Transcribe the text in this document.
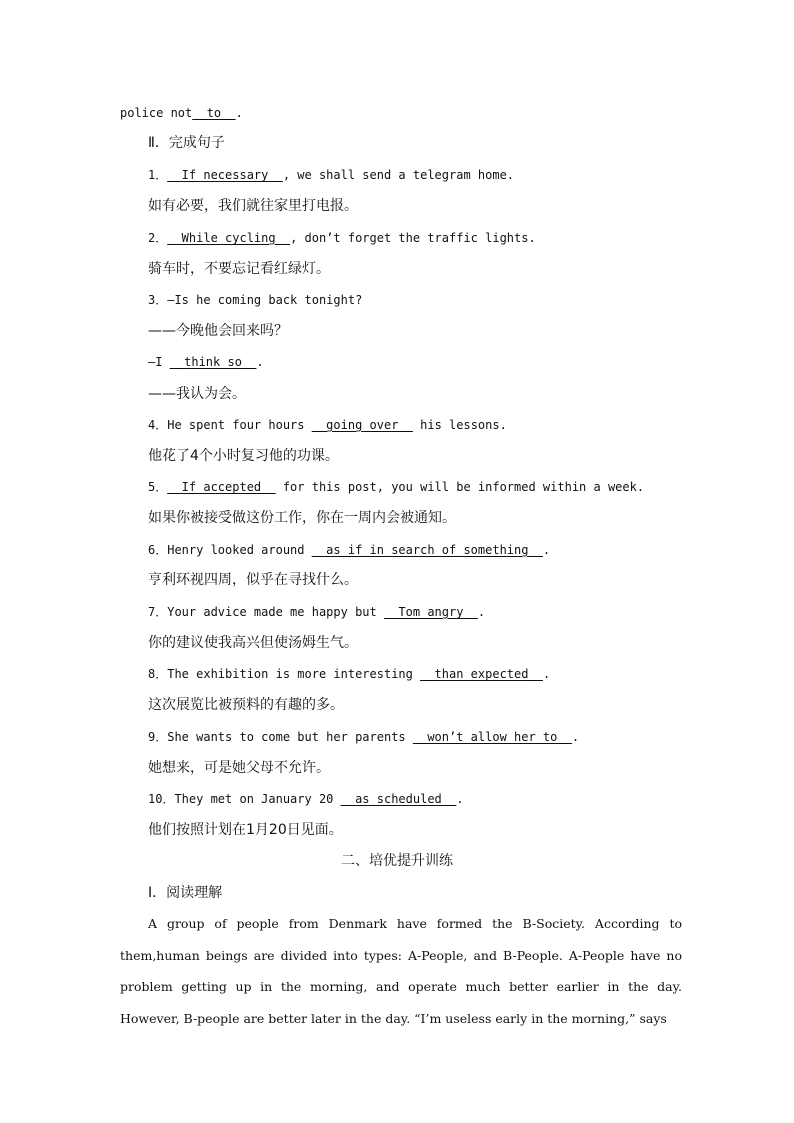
police not__to__.
Ⅱ．完成句子
1．__If necessary__, we shall send a telegram home.
如有必要，我们就往家里打电报。
2．__While cycling__, don’t forget the traffic lights.
骑车时，不要忘记看红绿灯。
3．—Is he coming back tonight?
——今晚他会回来吗？
—I __think so__.
——我认为会。
4．He spent four hours __going over__ his lessons.
他花了4个小时复习他的功课。
5．__If accepted__ for this post, you will be informed within a week.
如果你被接受做这份工作，你在一周内会被通知。
6．Henry looked around __as if in search of something__.
亨利环视四周，似乎在寻找什么。
7．Your advice made me happy but __Tom angry__.
你的建议使我高兴但使汤姆生气。
8．The exhibition is more interesting __than expected__.
这次展览比被预料的有趣的多。
9．She wants to come but her parents __won’t allow her to__.
她想来，可是她父母不允许。
10．They met on January 20 __as scheduled__.
他们按照计划在1月20日见面。
二、培优提升训练
Ⅰ．阅读理解
A group of people from Denmark have formed the B-Society. According to them,human beings are divided into types: A-People, and B-People. A-People have no problem getting up in the morning, and operate much better earlier in the day. However, B-people are better later in the day. “I’m useless early in the morning,” says
